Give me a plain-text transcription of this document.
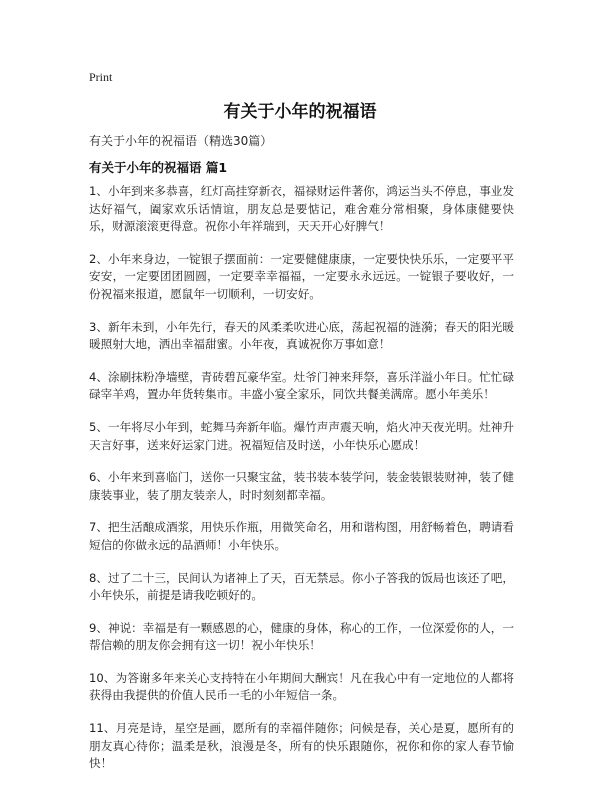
Print
有关于小年的祝福语
有关于小年的祝福语（精选30篇）
有关于小年的祝福语 篇1

1、小年到来多恭喜，红灯高挂穿新衣，福禄财运件著你，鸿运当头不停息，事业发达好福气，阖家欢乐话情谊，朋友总是要惦记，难舍难分常相聚，身体康健要快乐，财源滚滚更得意。祝你小年祥瑞到，天天开心好脾气！

2、小年来身边，一锭银子摆面前：一定要健健康康，一定要快快乐乐，一定要平平安安，一定要团团圆圆，一定要幸幸福福，一定要永永远远。一锭银子要收好，一份祝福来报道，愿鼠年一切顺利，一切安好。

3、新年未到，小年先行，春天的风柔柔吹进心底，荡起祝福的涟漪；春天的阳光暖暖照射大地，洒出幸福甜蜜。小年夜，真诚祝你万事如意！

4、涂刷抹粉净墙壁，青砖碧瓦豪华室。灶爷门神来拜祭，喜乐洋溢小年日。忙忙碌碌宰羊鸡，置办年货转集市。丰盛小宴全家乐，同饮共餐美满席。愿小年美乐！

5、一年将尽小年到，蛇舞马奔新年临。爆竹声声震天响，焰火冲天夜光明。灶神升天言好事，送来好运家门进。祝福短信及时送，小年快乐心愿成！

6、小年来到喜临门，送你一只聚宝盆，装书装本装学问，装金装银装财神，装了健康装事业，装了朋友装亲人，时时刻刻都幸福。

7、把生活酿成酒浆，用快乐作瓶，用微笑命名，用和谐构图，用舒畅着色，聘请看短信的你做永远的品酒师！小年快乐。

8、过了二十三，民间认为诸神上了天，百无禁忌。你小子答我的饭局也该还了吧，小年快乐，前提是请我吃顿好的。

9、神说：幸福是有一颗感恩的心，健康的身体，称心的工作，一位深爱你的人，一帮信赖的朋友你会拥有这一切！祝小年快乐！

10、为答谢多年来关心支持特在小年期间大酬宾！凡在我心中有一定地位的人都将获得由我提供的价值人民币一毛的小年短信一条。

11、月亮是诗，星空是画，愿所有的幸福伴随你；问候是春，关心是夏，愿所有的朋友真心待你；温柔是秋，浪漫是冬，所有的快乐跟随你，祝你和你的家人春节愉快！
